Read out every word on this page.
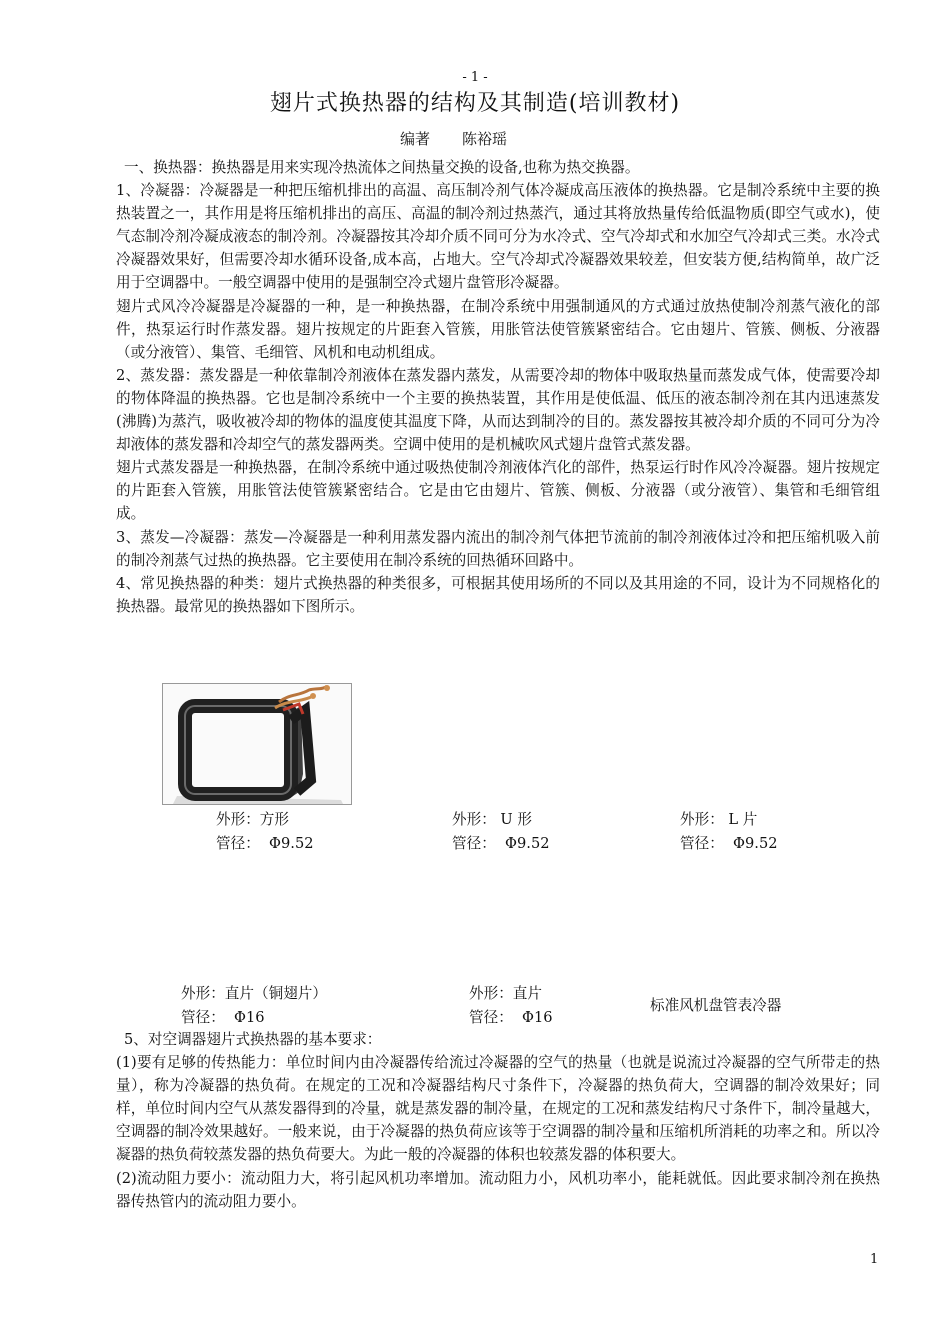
- 1 -
翅片式换热器的结构及其制造(培训教材)
编著 陈裕瑶

一、换热器：换热器是用来实现冷热流体之间热量交换的设备,也称为热交换器。

1、冷凝器：冷凝器是一种把压缩机排出的高温、高压制冷剂气体冷凝成高压液体的换热器。它是制冷系统中主要的换热装置之一，其作用是将压缩机排出的高压、高温的制冷剂过热蒸汽，通过其将放热量传给低温物质(即空气或水)，使气态制冷剂冷凝成液态的制冷剂。冷凝器按其冷却介质不同可分为水冷式、空气冷却式和水加空气冷却式三类。水冷式冷凝器效果好，但需要冷却水循环设备,成本高，占地大。空气冷却式冷凝器效果较差，但安装方便,结构简单，故广泛用于空调器中。一般空调器中使用的是强制空冷式翅片盘管形冷凝器。

翅片式风冷冷凝器是冷凝器的一种，是一种换热器，在制冷系统中用强制通风的方式通过放热使制冷剂蒸气液化的部件，热泵运行时作蒸发器。翅片按规定的片距套入管簇，用胀管法使管簇紧密结合。它由翅片、管簇、侧板、分液器（或分液管）、集管、毛细管、风机和电动机组成。

2、蒸发器：蒸发器是一种依靠制冷剂液体在蒸发器内蒸发，从需要冷却的物体中吸取热量而蒸发成气体，使需要冷却的物体降温的换热器。它也是制冷系统中一个主要的换热装置，其作用是使低温、低压的液态制冷剂在其内迅速蒸发(沸腾)为蒸汽，吸收被冷却的物体的温度使其温度下降，从而达到制冷的目的。蒸发器按其被冷却介质的不同可分为冷却液体的蒸发器和冷却空气的蒸发器两类。空调中使用的是机械吹风式翅片盘管式蒸发器。

翅片式蒸发器是一种换热器，在制冷系统中通过吸热使制冷剂液体汽化的部件，热泵运行时作风冷冷凝器。翅片按规定的片距套入管簇，用胀管法使管簇紧密结合。它是由它由翅片、管簇、侧板、分液器（或分液管）、集管和毛细管组成。

3、蒸发—冷凝器：蒸发—冷凝器是一种利用蒸发器内流出的制冷剂气体把节流前的制冷剂液体过冷和把压缩机吸入前的制冷剂蒸气过热的换热器。它主要使用在制冷系统的回热循环回路中。

4、常见换热器的种类：翅片式换热器的种类很多，可根据其使用场所的不同以及其用途的不同，设计为不同规格化的换热器。最常见的换热器如下图所示。

外形：方形
管径：  Φ9.52
外形： U 形
管径：  Φ9.52
外形： L 片
管径：  Φ9.52
外形：直片（铜翅片）
管径：  Φ16
外形：直片
管径：  Φ16
标准风机盘管表冷器

5、对空调器翅片式换热器的基本要求：

(1)要有足够的传热能力：单位时间内由冷凝器传给流过冷凝器的空气的热量（也就是说流过冷凝器的空气所带走的热量），称为冷凝器的热负荷。在规定的工况和冷凝器结构尺寸条件下，冷凝器的热负荷大，空调器的制冷效果好；同样，单位时间内空气从蒸发器得到的冷量，就是蒸发器的制冷量，在规定的工况和蒸发结构尺寸条件下，制冷量越大，空调器的制冷效果越好。一般来说，由于冷凝器的热负荷应该等于空调器的制冷量和压缩机所消耗的功率之和。所以冷凝器的热负荷较蒸发器的热负荷要大。为此一般的冷凝器的体积也较蒸发器的体积要大。

(2)流动阻力要小：流动阻力大，将引起风机功率增加。流动阻力小，风机功率小，能耗就低。因此要求制冷剂在换热器传热管内的流动阻力要小。

1
